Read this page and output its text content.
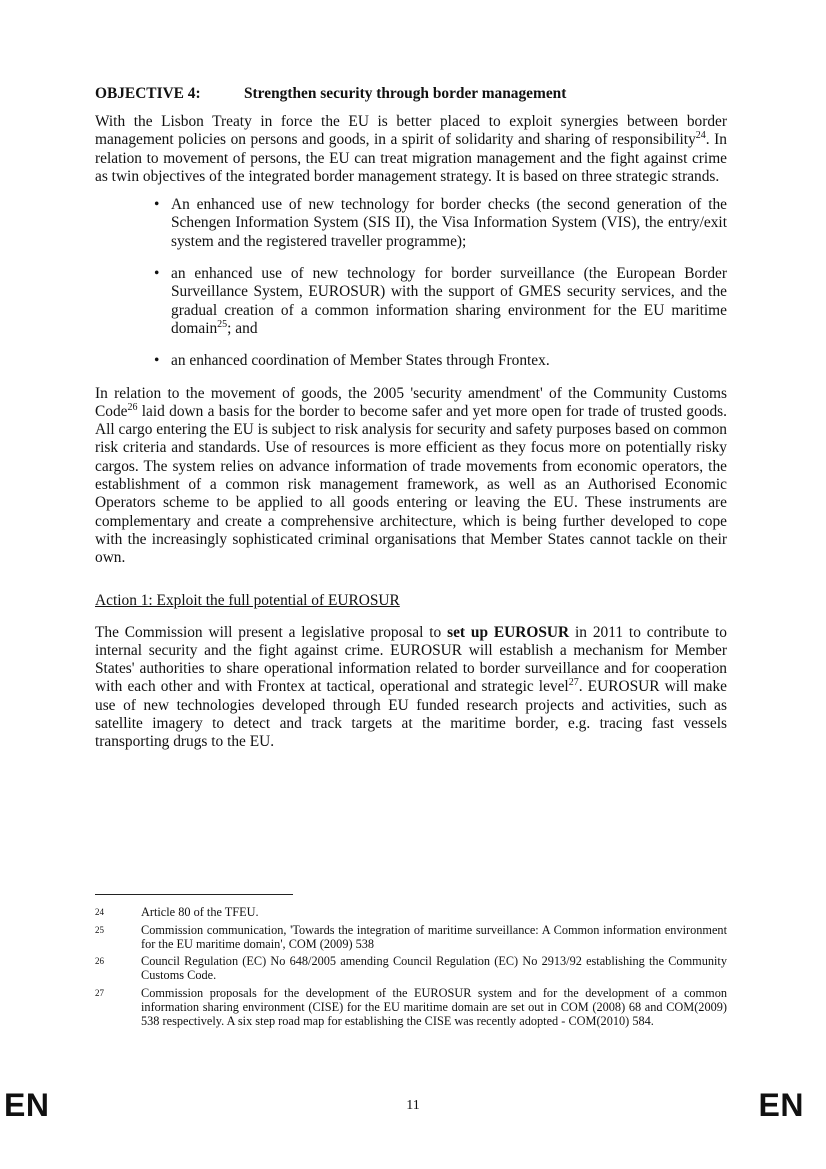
OBJECTIVE 4:	Strengthen security through border management

With the Lisbon Treaty in force the EU is better placed to exploit synergies between border management policies on persons and goods, in a spirit of solidarity and sharing of responsibility$^{24}$. In relation to movement of persons, the EU can treat migration management and the fight against crime as twin objectives of the integrated border management strategy. It is based on three strategic strands.

• An enhanced use of new technology for border checks (the second generation of the Schengen Information System (SIS II), the Visa Information System (VIS), the entry/exit system and the registered traveller programme);
• an enhanced use of new technology for border surveillance (the European Border Surveillance System, EUROSUR) with the support of GMES security services, and the gradual creation of a common information sharing environment for the EU maritime domain$^{25}$; and
• an enhanced coordination of Member States through Frontex.

In relation to the movement of goods, the 2005 'security amendment' of the Community Customs Code$^{26}$ laid down a basis for the border to become safer and yet more open for trade of trusted goods. All cargo entering the EU is subject to risk analysis for security and safety purposes based on common risk criteria and standards. Use of resources is more efficient as they focus more on potentially risky cargos. The system relies on advance information of trade movements from economic operators, the establishment of a common risk management framework, as well as an Authorised Economic Operators scheme to be applied to all goods entering or leaving the EU. These instruments are complementary and create a comprehensive architecture, which is being further developed to cope with the increasingly sophisticated criminal organisations that Member States cannot tackle on their own.

Action 1: Exploit the full potential of EUROSUR

The Commission will present a legislative proposal to set up EUROSUR in 2011 to contribute to internal security and the fight against crime. EUROSUR will establish a mechanism for Member States' authorities to share operational information related to border surveillance and for cooperation with each other and with Frontex at tactical, operational and strategic level$^{27}$. EUROSUR will make use of new technologies developed through EU funded research projects and activities, such as satellite imagery to detect and track targets at the maritime border, e.g. tracing fast vessels transporting drugs to the EU.

24	Article 80 of the TFEU.
25	Commission communication, 'Towards the integration of maritime surveillance: A Common information environment for the EU maritime domain', COM (2009) 538
26	Council Regulation (EC) No 648/2005 amending Council Regulation (EC) No 2913/92 establishing the Community Customs Code.
27	Commission proposals for the development of the EUROSUR system and for the development of a common information sharing environment (CISE) for the EU maritime domain are set out in COM (2008) 68 and COM(2009) 538 respectively. A six step road map for establishing the CISE was recently adopted - COM(2010) 584.
EN	11	EN
